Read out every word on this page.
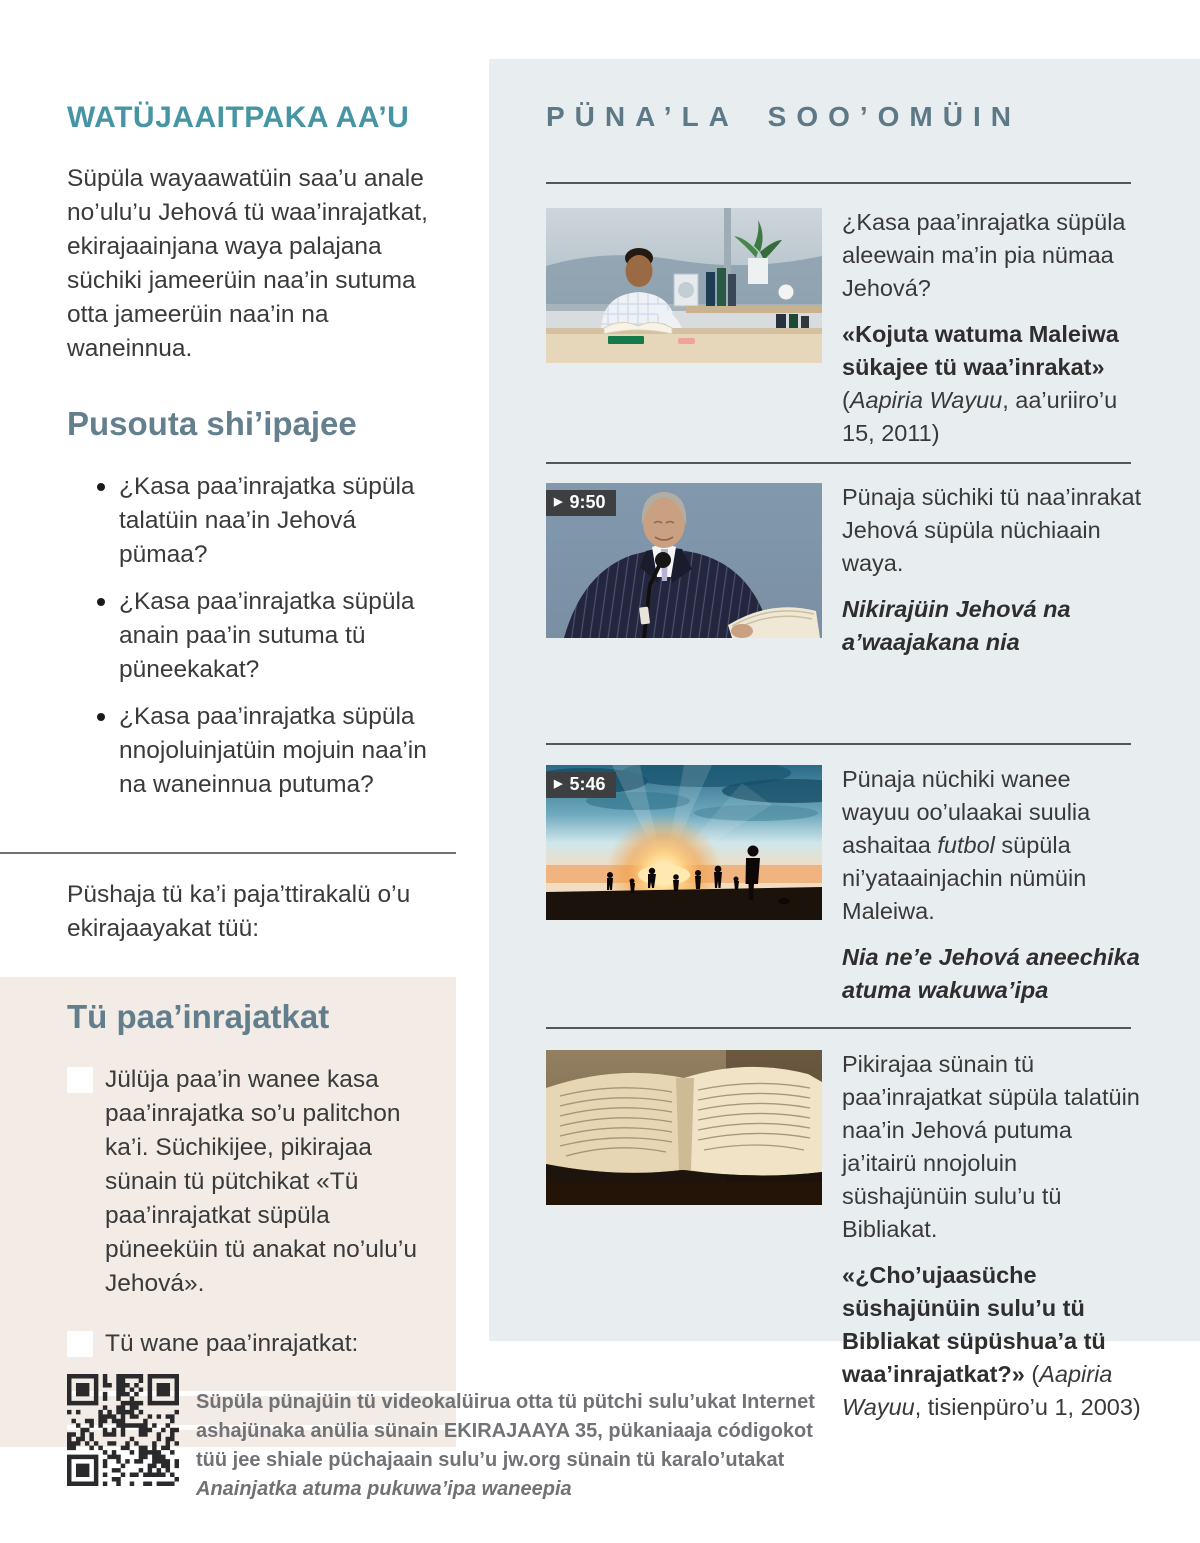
PÜNA’LA SOO’OMÜIN

¿Kasa paa’inrajatka süpüla aleewain ma’in pia nümaa Jehová?

«Kojuta watuma Maleiwa sükajee tü waa’inrakat» (Aapiria Wayuu, aa’uriiro’u 15, 2011)

▶ 9:50	Pünaja süchiki tü naa’inrakat Jehová süpüla nüchiaain waya.

Nikirajüin Jehová na a’waajakana nia

▶ 5:46	Pünaja nüchiki wanee wayuu oo’ulaakai suulia ashaitaa futbol süpüla ni’yataainjachin nümüin Maleiwa.

Nia ne’e Jehová aneechika atuma wakuwa’ipa

Pikirajaa sünain tü paa’inrajatkat süpüla talatüin naa’in Jehová putuma ja’itairü nnojoluin süshajünüin sulu’u tü Bibliakat.

«¿Cho’ujaasüche süshajünüin sulu’u tü Bibliakat süpüshua’a tü waa’inrajatkat?» (Aapiria Wayuu, tisienpüro’u 1, 2003)

WATÜJAAITPAKA AA’U

Süpüla wayaawatüin saa’u anale no’ulu’u Jehová tü waa’inrajatkat, ekirajaainjana waya palajana süchiki jameerüin naa’in sutuma otta jameerüin naa’in na waneinnua.

Pusouta shi’ipajee
¿Kasa paa’inrajatka süpüla talatüin naa’in Jehová pümaa?
¿Kasa paa’inrajatka süpüla anain paa’in sutuma tü püneekakat?
¿Kasa paa’inrajatka süpüla nnojoluinjatüin mojuin naa’in na waneinnua putuma?

Püshaja tü ka’i paja’ttirakalü o’u ekirajaayakat tüü:

Tü paa’inrajatkat
Jülüja paa’in wanee kasa paa’inrajatka so’u palitchon ka’i. Süchikijee, pikirajaa sünain tü pütchikat «Tü paa’inrajatkat süpüla püneeküin tü anakat no’ulu’u Jehová».
Tü wane paa’inrajatkat:
Süpüla pünajüin tü videokalüirua otta tü pütchi sulu’ukat Internet
ashajünaka anülia sünain EKIRAJAAYA 35, pükaniaaja códigokot
tüü jee shiale püchajaain sulu’u jw.org sünain tü karalo’utakat
Anainjatka atuma pukuwa’ipa waneepia
